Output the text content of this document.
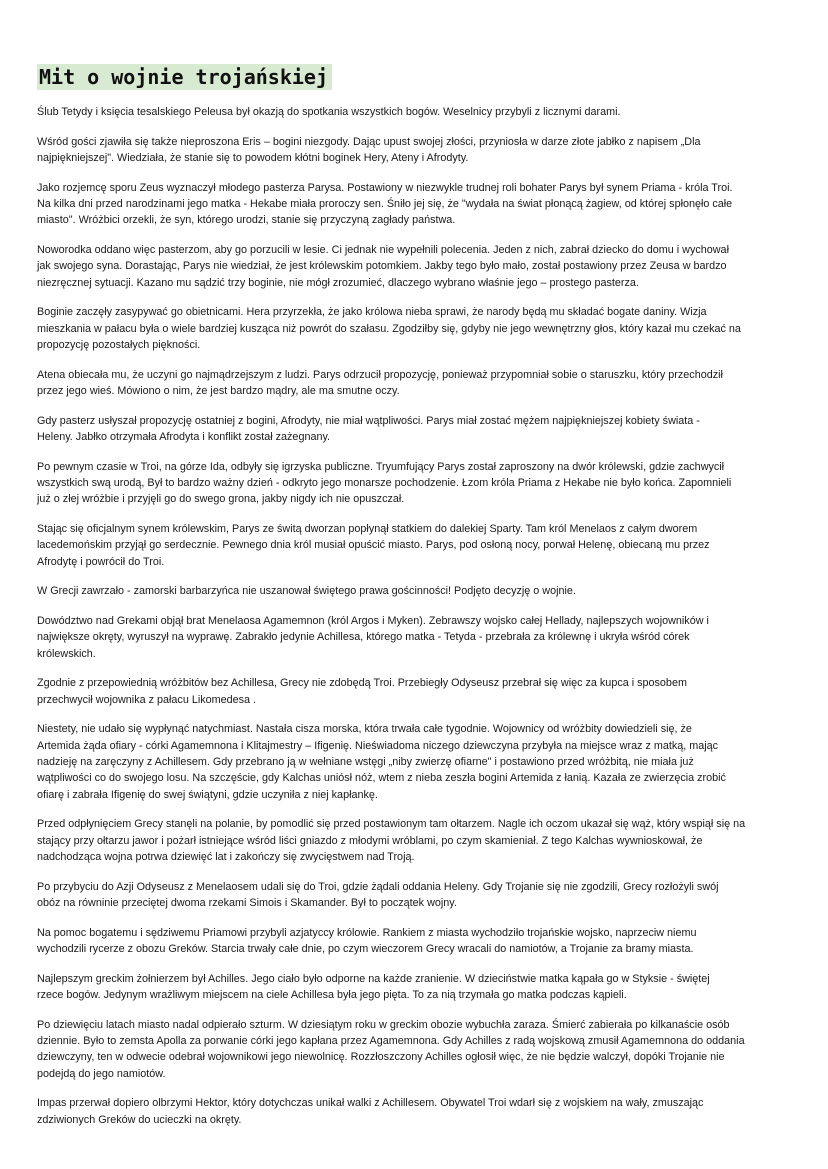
Mit o wojnie trojańskiej

Ślub Tetydy i księcia tesalskiego Peleusa był okazją do spotkania wszystkich bogów. Weselnicy przybyli z licznymi darami.

Wśród gości zjawiła się także nieproszona Eris – bogini niezgody. Dając upust swojej złości, przyniosła w darze złote jabłko z napisem „Dla
najpiękniejszej". Wiedziała, że stanie się to powodem kłótni boginek Hery, Ateny i Afrodyty.

Jako rozjemcę sporu Zeus wyznaczył młodego pasterza Parysa. Postawiony w niezwykle trudnej roli bohater Parys był synem Priama - króla Troi.
Na kilka dni przed narodzinami jego matka - Hekabe miała proroczy sen. Śniło jej się, że "wydała na świat płonącą żagiew, od której spłonęło całe
miasto". Wróżbici orzekli, że syn, którego urodzi, stanie się przyczyną zagłady państwa.

Noworodka oddano więc pasterzom, aby go porzucili w lesie. Ci jednak nie wypełnili polecenia. Jeden z nich, zabrał dziecko do domu i wychował
jak swojego syna. Dorastając, Parys nie wiedział, że jest królewskim potomkiem. Jakby tego było mało, został postawiony przez Zeusa w bardzo
niezręcznej sytuacji. Kazano mu sądzić trzy boginie, nie mógł zrozumieć, dlaczego wybrano właśnie jego – prostego pasterza.

Boginie zaczęły zasypywać go obietnicami. Hera przyrzekła, że jako królowa nieba sprawi, że narody będą mu składać bogate daniny. Wizja
mieszkania w pałacu była o wiele bardziej kusząca niż powrót do szałasu. Zgodziłby się, gdyby nie jego wewnętrzny głos, który kazał mu czekać na
propozycję pozostałych piękności.

Atena obiecała mu, że uczyni go najmądrzejszym z ludzi. Parys odrzucił propozycję, ponieważ przypomniał sobie o staruszku, który przechodził
przez jego wieś. Mówiono o nim, że jest bardzo mądry, ale ma smutne oczy.

Gdy pasterz usłyszał propozycję ostatniej z bogini, Afrodyty, nie miał wątpliwości. Parys miał zostać mężem najpiękniejszej kobiety świata -
Heleny. Jabłko otrzymała Afrodyta i konflikt został zażegnany.

Po pewnym czasie w Troi, na górze Ida, odbyły się igrzyska publiczne. Tryumfujący Parys został zaproszony na dwór królewski, gdzie zachwycił
wszystkich swą urodą, Był to bardzo ważny dzień - odkryto jego monarsze pochodzenie. Łzom króla Priama z Hekabe nie było końca. Zapomnieli
już o złej wróżbie i przyjęli go do swego grona, jakby nigdy ich nie opuszczał.

Stając się oficjalnym synem królewskim, Parys ze świtą dworzan popłynął statkiem do dalekiej Sparty. Tam król Menelaos z całym dworem
lacedemońskim przyjął go serdecznie. Pewnego dnia król musiał opuścić miasto. Parys, pod osłoną nocy, porwał Helenę, obiecaną mu przez
Afrodytę i powrócił do Troi.

W Grecji zawrzało - zamorski barbarzyńca nie uszanował świętego prawa gościnności! Podjęto decyzję o wojnie.

Dowództwo nad Grekami objął brat Menelaosa Agamemnon (król Argos i Myken). Zebrawszy wojsko całej Hellady, najlepszych wojowników i
największe okręty, wyruszył na wyprawę. Zabrakło jedynie Achillesa, którego matka - Tetyda - przebrała za królewnę i ukryła wśród córek
królewskich.

Zgodnie z przepowiednią wróżbitów bez Achillesa, Grecy nie zdobędą Troi. Przebiegły Odyseusz przebrał się więc za kupca i sposobem
przechwycił wojownika z pałacu Likomedesa .

Niestety, nie udało się wypłynąć natychmiast. Nastała cisza morska, która trwała całe tygodnie. Wojownicy od wróżbity dowiedzieli się, że
Artemida żąda ofiary - córki Agamemnona i Klitajmestry – Ifigenię. Nieświadoma niczego dziewczyna przybyła na miejsce wraz z matką, mając
nadzieję na zaręczyny z Achillesem. Gdy przebrano ją w wełniane wstęgi „niby zwierzę ofiarne" i postawiono przed wróżbitą, nie miała już
wątpliwości co do swojego losu. Na szczęście, gdy Kalchas uniósł nóż, wtem z nieba zeszła bogini Artemida z łanią. Kazała ze zwierzęcia zrobić
ofiarę i zabrała Ifigenię do swej świątyni, gdzie uczyniła z niej kapłankę.

Przed odpłynięciem Grecy stanęli na polanie, by pomodlić się przed postawionym tam ołtarzem. Nagle ich oczom ukazał się wąż, który wspiął się na
stający przy ołtarzu jawor i pożarł istniejące wśród liści gniazdo z młodymi wróblami, po czym skamieniał. Z tego Kalchas wywnioskował, że
nadchodząca wojna potrwa dziewięć lat i zakończy się zwycięstwem nad Troją.

Po przybyciu do Azji Odyseusz z Menelaosem udali się do Troi, gdzie żądali oddania Heleny. Gdy Trojanie się nie zgodzili, Grecy rozłożyli swój
obóz na równinie przeciętej dwoma rzekami Simois i Skamander. Był to początek wojny.

Na pomoc bogatemu i sędziwemu Priamowi przybyli azjatyccy królowie. Rankiem z miasta wychodziło trojańskie wojsko, naprzeciw niemu
wychodzili rycerze z obozu Greków. Starcia trwały całe dnie, po czym wieczorem Grecy wracali do namiotów, a Trojanie za bramy miasta.

Najlepszym greckim żołnierzem był Achilles. Jego ciało było odporne na każde zranienie. W dzieciństwie matka kąpała go w Styksie - świętej
rzece bogów. Jedynym wrażliwym miejscem na ciele Achillesa była jego pięta. To za nią trzymała go matka podczas kąpieli.

Po dziewięciu latach miasto nadal odpierało szturm. W dziesiątym roku w greckim obozie wybuchła zaraza. Śmierć zabierała po kilkanaście osób
dziennie. Było to zemsta Apolla za porwanie córki jego kapłana przez Agamemnona. Gdy Achilles z radą wojskową zmusił Agamemnona do oddania
dziewczyny, ten w odwecie odebrał wojownikowi jego niewolnicę. Rozzłoszczony Achilles ogłosił więc, że nie będzie walczył, dopóki Trojanie nie
podejdą do jego namiotów.

Impas przerwał dopiero olbrzymi Hektor, który dotychczas unikał walki z Achillesem. Obywatel Troi wdarł się z wojskiem na wały, zmuszając
zdziwionych Greków do ucieczki na okręty.
